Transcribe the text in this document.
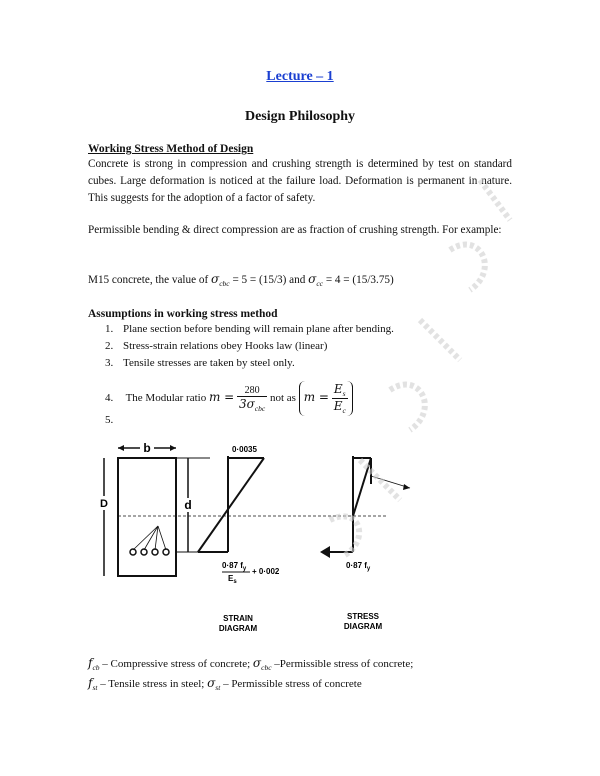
Lecture – 1
Design Philosophy
Working Stress Method of Design
Concrete is strong in compression and crushing strength is determined by test on standard cubes. Large deformation is noticed at the failure load. Deformation is permanent in nature. This suggests for the adoption of a factor of safety.
Permissible bending & direct compression are as fraction of crushing strength. For example:
M15 concrete, the value of $\sigma_{cbc} = 5 = (15/3)$ and $\sigma_{cc} = 4 = (15/3.75)$
Assumptions in working stress method
1. Plane section before bending will remain plane after bending.
2. Stress-strain relations obey Hooks law (linear)
3. Tensile stresses are taken by steel only.
4. The Modular ratio $m = \frac{280}{3\sigma_{cbc}}$ not as $m = \frac{E_s}{E_c}$
5.
b
D	d
0·0035
0·87 $f_y$
$E_s$
+ 0·002
STRAIN
DIAGRAM
0·87 $f_y$
STRESS
DIAGRAM
$f_{cb}$ – Compressive stress of concrete; $\sigma_{cbc}$ –Permissible stress of concrete;
$f_{st}$ – Tensile stress in steel; $\sigma_{st}$ – Permissible stress of concrete
